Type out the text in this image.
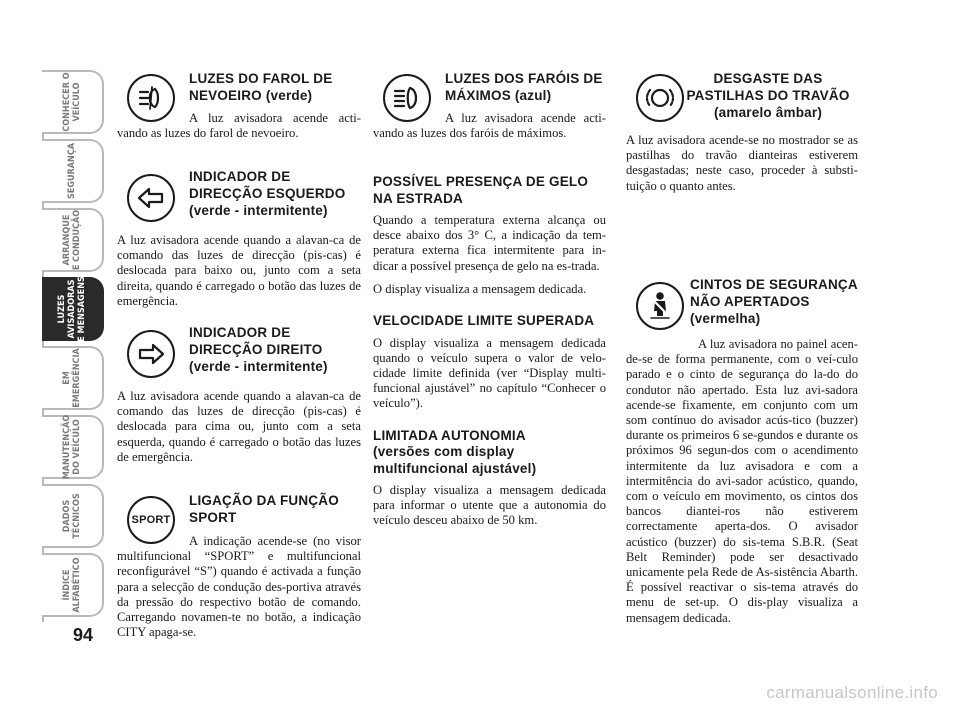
CONHECER O
VEÍCULO
SEGURANÇA
ARRANQUE
E CONDUÇÃO
LUZES
AVISADORAS
E MENSAGENS
EM
EMERGÊNCIA
MANUTENÇÃO
DO VEÍCULO
DADOS
TÉCNICOS
ÍNDICE
ALFABÉTICO
94
LUZES DO FAROL DE NEVOEIRO (verde)

A luz avisadora acende acti-vando as luzes do farol de nevoeiro.

INDICADOR DE DIRECÇÃO ESQUERDO
(verde - intermitente)

A luz avisadora acende quando a alavan-ca de comando das luzes de direcção (pis-cas) é deslocada para baixo ou, junto com a seta direita, quando é carregado o botão das luzes de emergência.

INDICADOR DE DIRECÇÃO DIREITO
(verde - intermitente)

A luz avisadora acende quando a alavan-ca de comando das luzes de direcção (pis-cas) é deslocada para cima ou, junto com a seta esquerda, quando é carregado o botão das luzes de emergência.

SPORT
LIGAÇÃO DA FUNÇÃO SPORT

A indicação acende-se (no visor multifuncional “SPORT” e multifuncional reconfigurável “S”) quando é activada a função para a selecção de condução des-portiva através da pressão do respectivo botão de comando. Carregando novamen-te no botão, a indicação CITY apaga-se.

LUZES DOS FARÓIS DE MÁXIMOS (azul)

A luz avisadora acende acti-vando as luzes dos faróis de máximos.

POSSÍVEL PRESENÇA DE GELO NA ESTRADA

Quando a temperatura externa alcança ou desce abaixo dos 3° C, a indicação da tem-peratura externa fica intermitente para in-dicar a possível presença de gelo na es-trada.

O display visualiza a mensagem dedicada.

VELOCIDADE LIMITE SUPERADA

O display visualiza a mensagem dedicada quando o veículo supera o valor de velo-cidade limite definida (ver “Display multi-funcional ajustável” no capítulo “Conhecer o veículo”).

LIMITADA AUTONOMIA
(versões com display multifuncional ajustável)

O display visualiza a mensagem dedicada para informar o utente que a autonomia do veículo desceu abaixo de 50 km.

DESGASTE DAS PASTILHAS DO TRAVÃO
(amarelo âmbar)

A luz avisadora acende-se no mostrador se as pastilhas do travão dianteiras estiverem desgastadas; neste caso, proceder à substi-tuição o quanto antes.

CINTOS DE SEGURANÇA NÃO APERTADOS
(vermelha)

A luz avisadora no painel acen-de-se de forma permanente, com o veí-culo parado e o cinto de segurança do la-do do condutor não apertado. Esta luz avi-sadora acende-se fixamente, em conjunto com um som contínuo do avisador acús-tico (buzzer) durante os primeiros 6 se-gundos e durante os próximos 96 segun-dos com o acendimento intermitente da luz avisadora e com a intermitência do avi-sador acústico, quando, com o veículo em movimento, os cintos dos bancos diantei-ros não estiverem correctamente aperta-dos. O avisador acústico (buzzer) do sis-tema S.B.R. (Seat Belt Reminder) pode ser desactivado unicamente pela Rede de As-sistência Abarth. É possível reactivar o sis-tema através do menu de set-up. O dis-play visualiza a mensagem dedicada.

carmanualsonline.info
